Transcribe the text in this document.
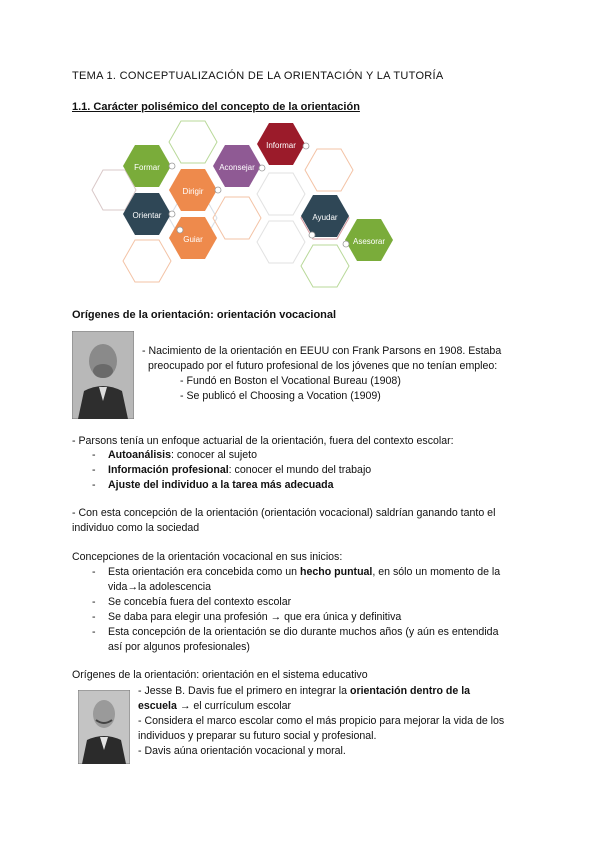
TEMA 1. CONCEPTUALIZACIÓN DE LA ORIENTACIÓN Y LA TUTORÍA
1.1. Carácter polisémico del concepto de la orientación
Formar
Dirigir
Aconsejar
Informar
Orientar
Guiar
Ayudar
Asesorar
Orígenes de la orientación: orientación vocacional
- Nacimiento de la orientación en EEUU con Frank Parsons en 1908. Estaba
preocupado por el futuro profesional de los jóvenes que no tenían empleo:
- Fundó en Boston el Vocational Bureau (1908)
- Se publicó el Choosing a Vocation (1909)
- Parsons tenía un enfoque actuarial de la orientación, fuera del contexto escolar:
- Autoanálisis: conocer al sujeto
- Información profesional: conocer el mundo del trabajo
- Ajuste del individuo a la tarea más adecuada
- Con esta concepción de la orientación (orientación vocacional) saldrían ganando tanto el
individuo como la sociedad
Concepciones de la orientación vocacional en sus inicios:
- Esta orientación era concebida como un hecho puntual, en sólo un momento de la
vida→la adolescencia
- Se concebía fuera del contexto escolar
- Se daba para elegir una profesión → que era única y definitiva
- Esta concepción de la orientación se dio durante muchos años (y aún es entendida
así por algunos profesionales)
Orígenes de la orientación: orientación en el sistema educativo
- Jesse B. Davis fue el primero en integrar la orientación dentro de la
escuela → el currículum escolar
- Considera el marco escolar como el más propicio para mejorar la vida de los
individuos y preparar su futuro social y profesional.
- Davis aúna orientación vocacional y moral.
